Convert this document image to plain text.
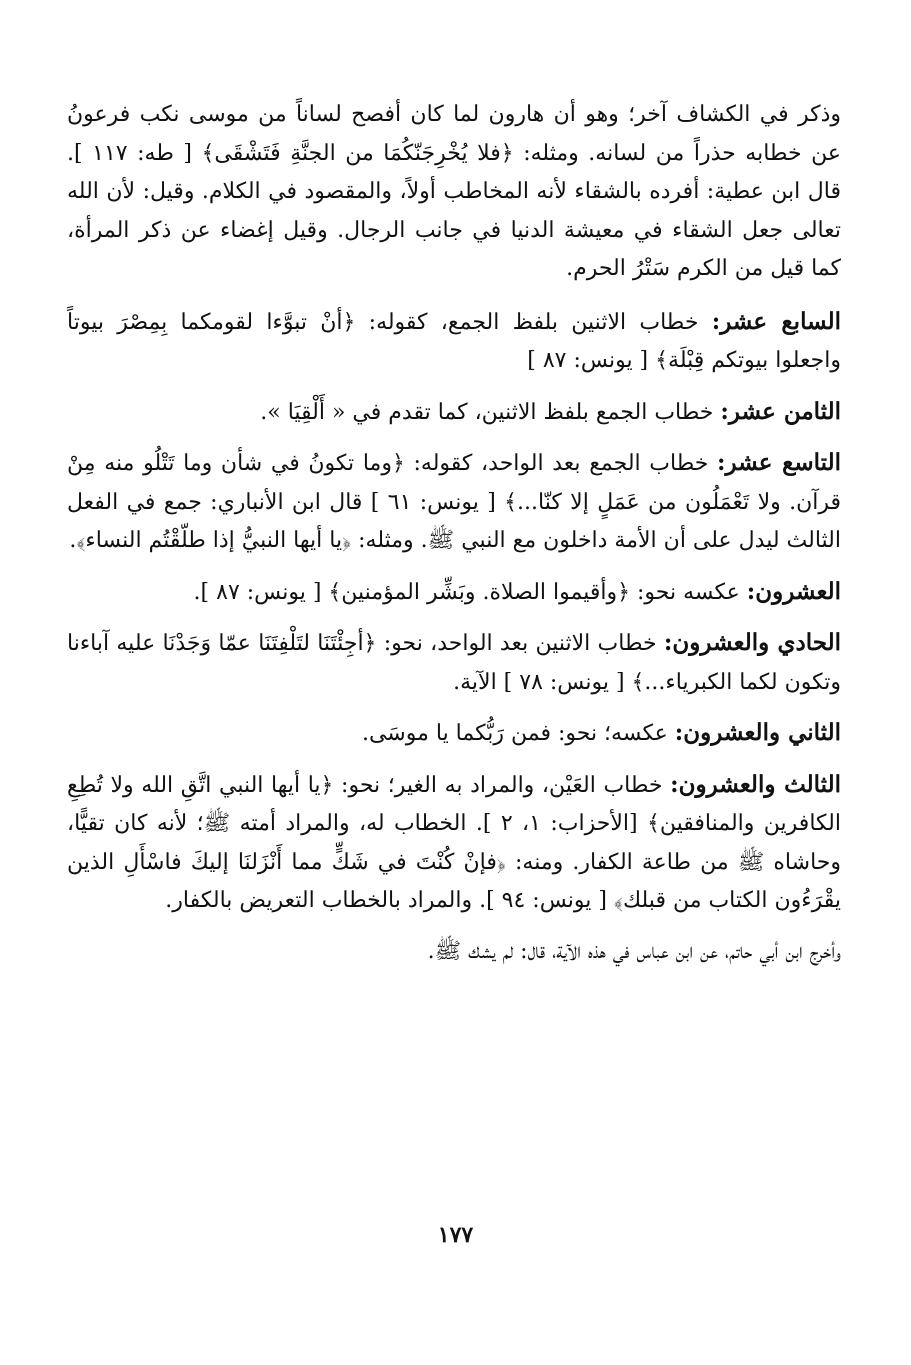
وذكر في الكشاف آخر؛ وهو أن هارون لما كان أفصح لساناً من موسى نكب فرعونُ عن خطابه حذراً من لسانه. ومثله: ﴿فلا يُخْرِجَنّكُمَا من الجنَّةِ فَتَشْقَى﴾ [ طه: ١١٧ ]. قال ابن عطية: أفرده بالشقاء لأنه المخاطب أولاً، والمقصود في الكلام. وقيل: لأن الله تعالى جعل الشقاء في معيشة الدنيا في جانب الرجال. وقيل إغضاء عن ذكر المرأة، كما قيل من الكرم سَتْرُ الحرم.

السابع عشر: خطاب الاثنين بلفظ الجمع، كقوله: ﴿أنْ تبوَّءا لقومكما بِمِصْرَ بيوتاً واجعلوا بيوتكم قِبْلَة﴾ [ يونس: ٨٧ ]

الثامن عشر: خطاب الجمع بلفظ الاثنين، كما تقدم في « أَلْقِيَا ».

التاسع عشر: خطاب الجمع بعد الواحد، كقوله: ﴿وما تكونُ في شأن وما تَتْلُو منه مِنْ قرآن. ولا تَعْمَلُون من عَمَلٍ إلا كنّا...﴾ [ يونس: ٦١ ] قال ابن الأنباري: جمع في الفعل الثالث ليدل على أن الأمة داخلون مع النبي ﷺ. ومثله: ﴿يا أيها النبيُّ إذا طلّقْتُم النساء﴾.

العشرون: عكسه نحو: ﴿وأقيموا الصلاة. وبَشِّر المؤمنين﴾ [ يونس: ٨٧ ].

الحادي والعشرون: خطاب الاثنين بعد الواحد، نحو: ﴿أجِئْتَنَا لتَلْفِتَنَا عمّا وَجَدْنَا عليه آباءنا وتكون لكما الكبرياء...﴾ [ يونس: ٧٨ ] الآية.

الثاني والعشرون: عكسه؛ نحو: فمن رَبُّكما يا موسَى.

الثالث والعشرون: خطاب العَيْن، والمراد به الغير؛ نحو: ﴿يا أيها النبي اتَّقِ الله ولا تُطِعِ الكافرين والمنافقين﴾ [الأحزاب: ١، ٢ ]. الخطاب له، والمراد أمته ﷺ؛ لأنه كان تقيًّا، وحاشاه ﷺ من طاعة الكفار. ومنه: ﴿فإنْ كُنْتَ في شَكٍّ مما أَنْزَلنَا إليكَ فاسْأَلِ الذين يقْرَءُون الكتاب من قبلك﴾ [ يونس: ٩٤ ]. والمراد بالخطاب التعريض بالكفار.

وأخرج ابن أبي حاتم، عن ابن عباس في هذه الآية، قال: لم يشك ﷺ.

١٧٧
